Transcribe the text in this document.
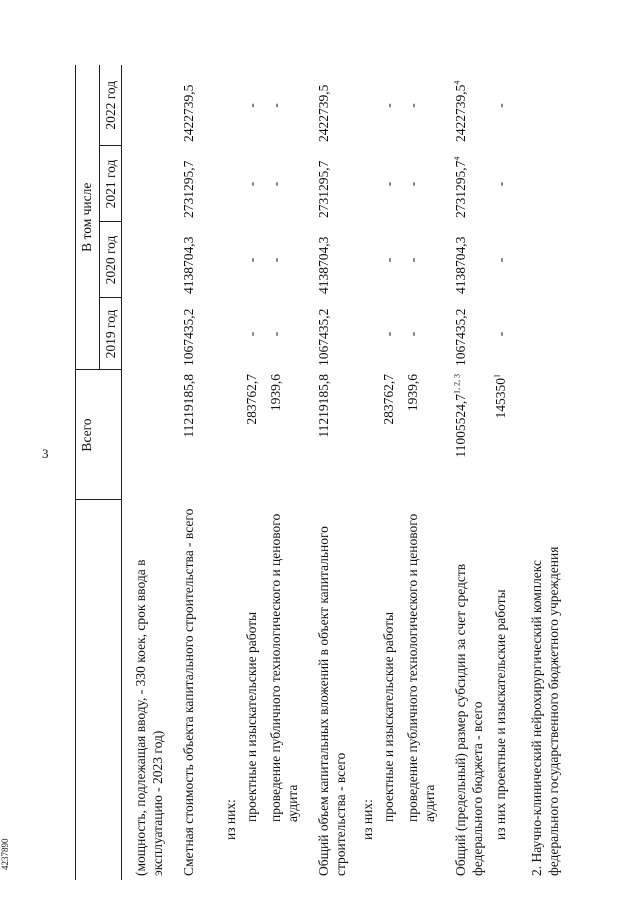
3
4237890
	Всего	В том числе			
		2019 год	2020 год	2021 год	2022 год
(мощность, подлежащая вводу, - 330 коек, срок ввода в эксплуатацию - 2023 год)					
Сметная стоимость объекта капитального строительства - всего	11219185,8	1067435,2	4138704,3	2731295,7	2422739,5
из них:					
проектные и изыскательские работы	283762,7	-	-	-	-
проведение публичного технологического и ценового аудита	1939,6	-	-	-	-
Общий объем капитальных вложений в объект капитального строительства - всего	11219185,8	1067435,2	4138704,3	2731295,7	2422739,5
из них:					
проектные и изыскательские работы	283762,7	-	-	-	-
проведение публичного технологического и ценового аудита	1939,6	-	-	-	-
Общий (предельный) размер субсидии за счет средств федерального бюджета - всего	11005524,7$^{1, 2, 3}$	1067435,2	4138704,3	2731295,7$^4$	2422739,5$^4$
из них проектные и изыскательские работы	145350$^1$	-	-	-	-
2. Научно-клинический нейрохирургический комплекс федерального государственного бюджетного учреждения					
